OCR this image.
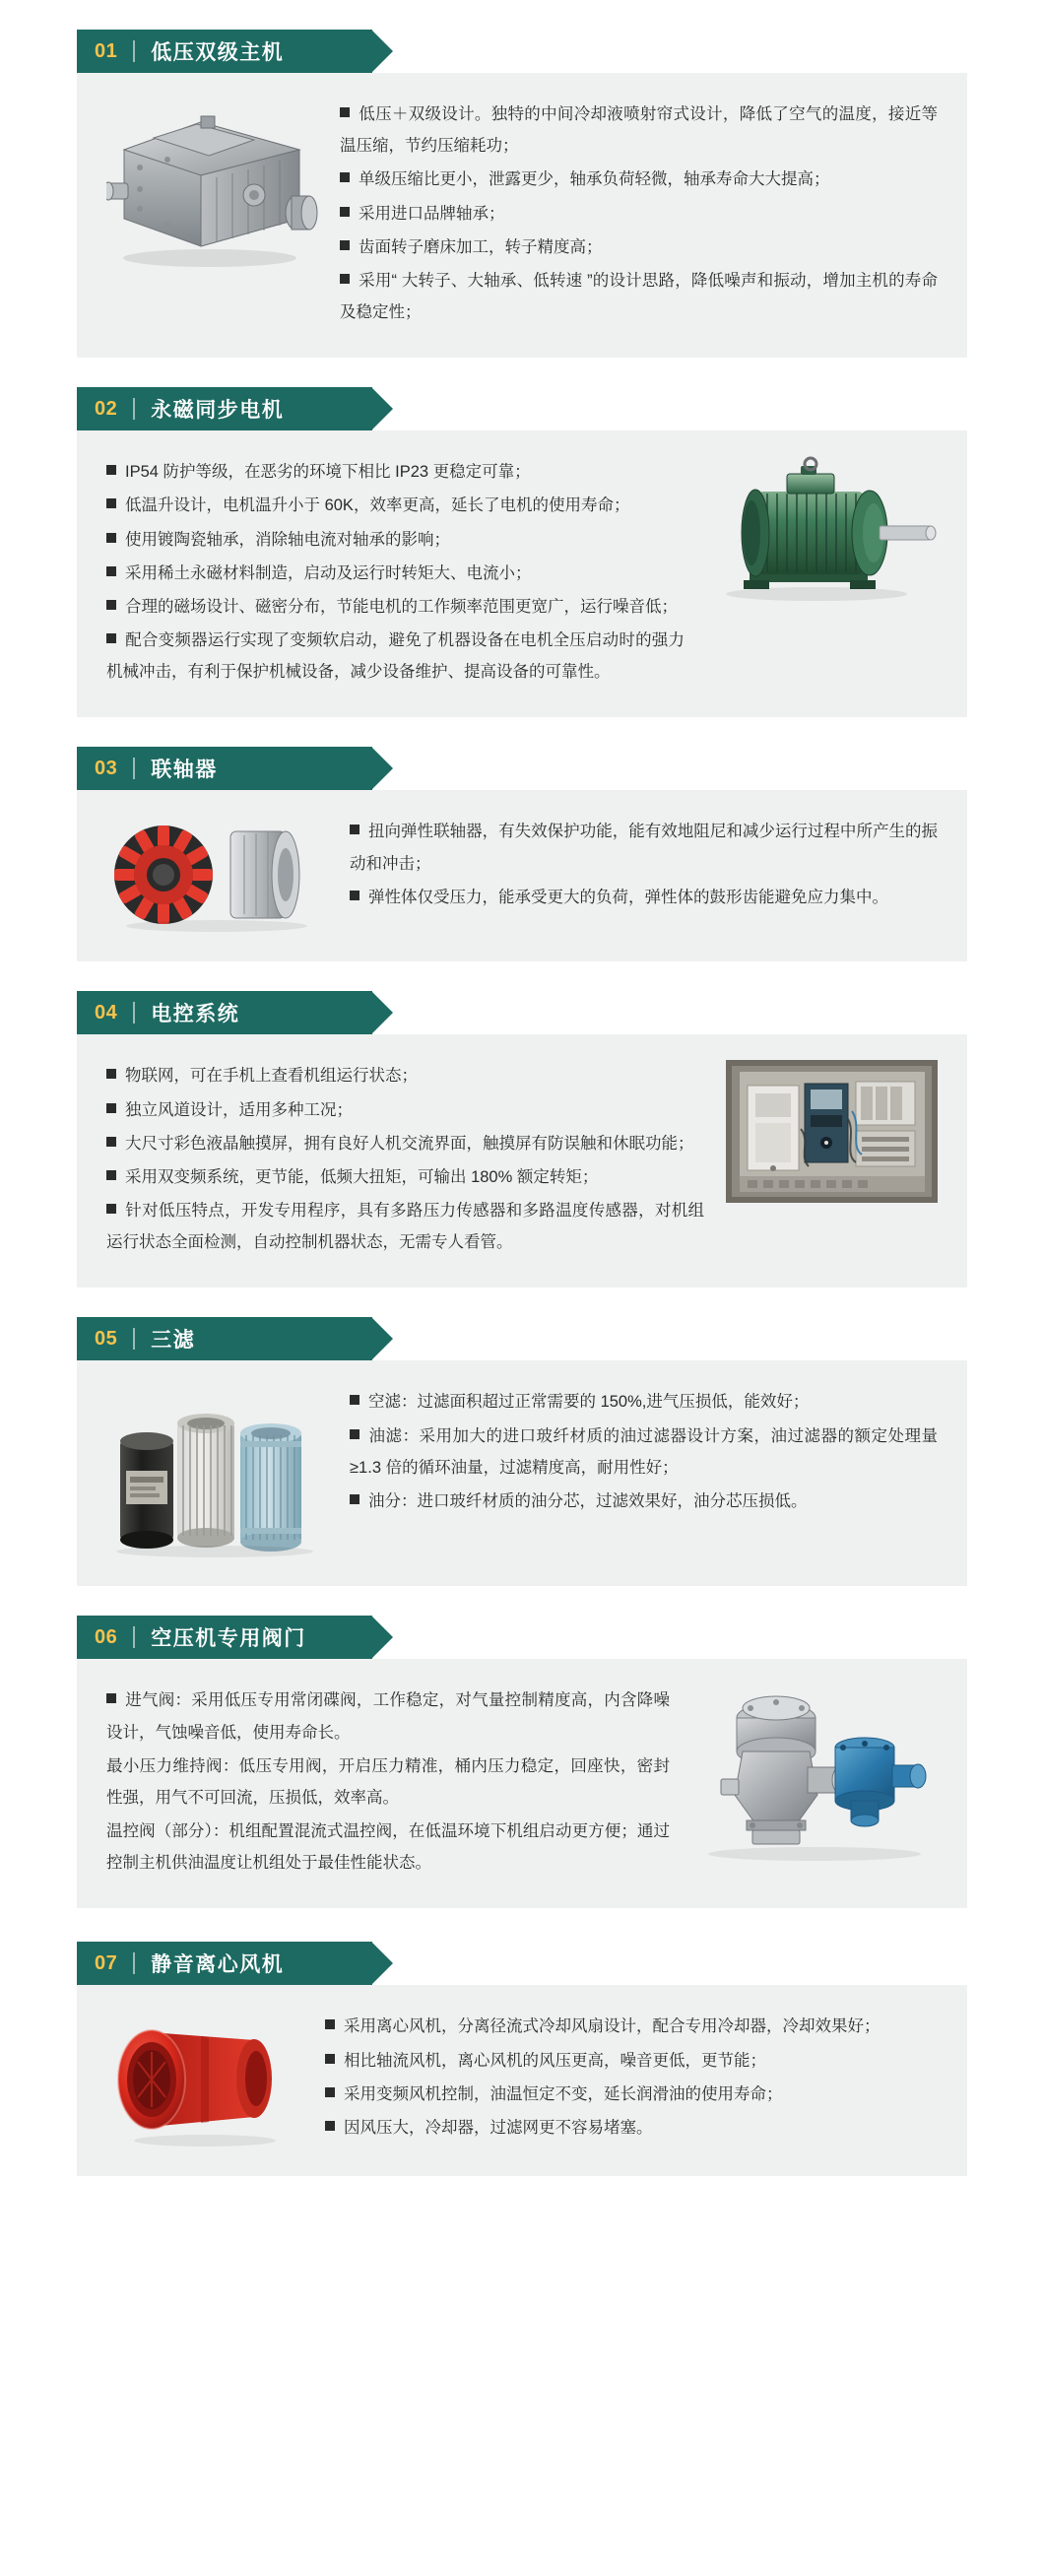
01 低压双级主机

低压＋双级设计。独特的中间冷却液喷射帘式设计，降低了空气的温度，接近等温压缩，节约压缩耗功；

单级压缩比更小，泄露更少，轴承负荷轻微，轴承寿命大大提高；

采用进口品牌轴承；

齿面转子磨床加工，转子精度高；

采用“ 大转子、大轴承、低转速 ”的设计思路，降低噪声和振动，增加主机的寿命及稳定性；

02 永磁同步电机

IP54 防护等级，在恶劣的环境下相比 IP23 更稳定可靠；

低温升设计，电机温升小于 60K，效率更高，延长了电机的使用寿命；

使用镀陶瓷轴承，消除轴电流对轴承的影响；

采用稀土永磁材料制造，启动及运行时转矩大、电流小；

合理的磁场设计、磁密分布，节能电机的工作频率范围更宽广，运行噪音低；

配合变频器运行实现了变频软启动，避免了机器设备在电机全压启动时的强力机械冲击，有利于保护机械设备，减少设备维护、提高设备的可靠性。

03 联轴器

扭向弹性联轴器，有失效保护功能，能有效地阻尼和减少运行过程中所产生的振动和冲击；

弹性体仅受压力，能承受更大的负荷，弹性体的鼓形齿能避免应力集中。

04 电控系统

物联网，可在手机上查看机组运行状态；

独立风道设计，适用多种工况；

大尺寸彩色液晶触摸屏，拥有良好人机交流界面，触摸屏有防误触和休眠功能；

采用双变频系统，更节能，低频大扭矩，可输出 180% 额定转矩；

针对低压特点，开发专用程序，具有多路压力传感器和多路温度传感器，对机组运行状态全面检测，自动控制机器状态，无需专人看管。

05 三滤

空滤：过滤面积超过正常需要的 150%,进气压损低，能效好；

油滤：采用加大的进口玻纤材质的油过滤器设计方案，油过滤器的额定处理量≥1.3 倍的循环油量，过滤精度高，耐用性好；

油分：进口玻纤材质的油分芯，过滤效果好，油分芯压损低。

06 空压机专用阀门

进气阀：采用低压专用常闭碟阀，工作稳定，对气量控制精度高，内含降噪设计，气蚀噪音低，使用寿命长。

最小压力维持阀：低压专用阀，开启压力精准，桶内压力稳定，回座快，密封性强，用气不可回流，压损低，效率高。

温控阀（部分）：机组配置混流式温控阀，在低温环境下机组启动更方便；通过控制主机供油温度让机组处于最佳性能状态。

07 静音离心风机

采用离心风机，分离径流式冷却风扇设计，配合专用冷却器，冷却效果好；

相比轴流风机，离心风机的风压更高，噪音更低，更节能；

采用变频风机控制，油温恒定不变，延长润滑油的使用寿命；

因风压大，冷却器，过滤网更不容易堵塞。
